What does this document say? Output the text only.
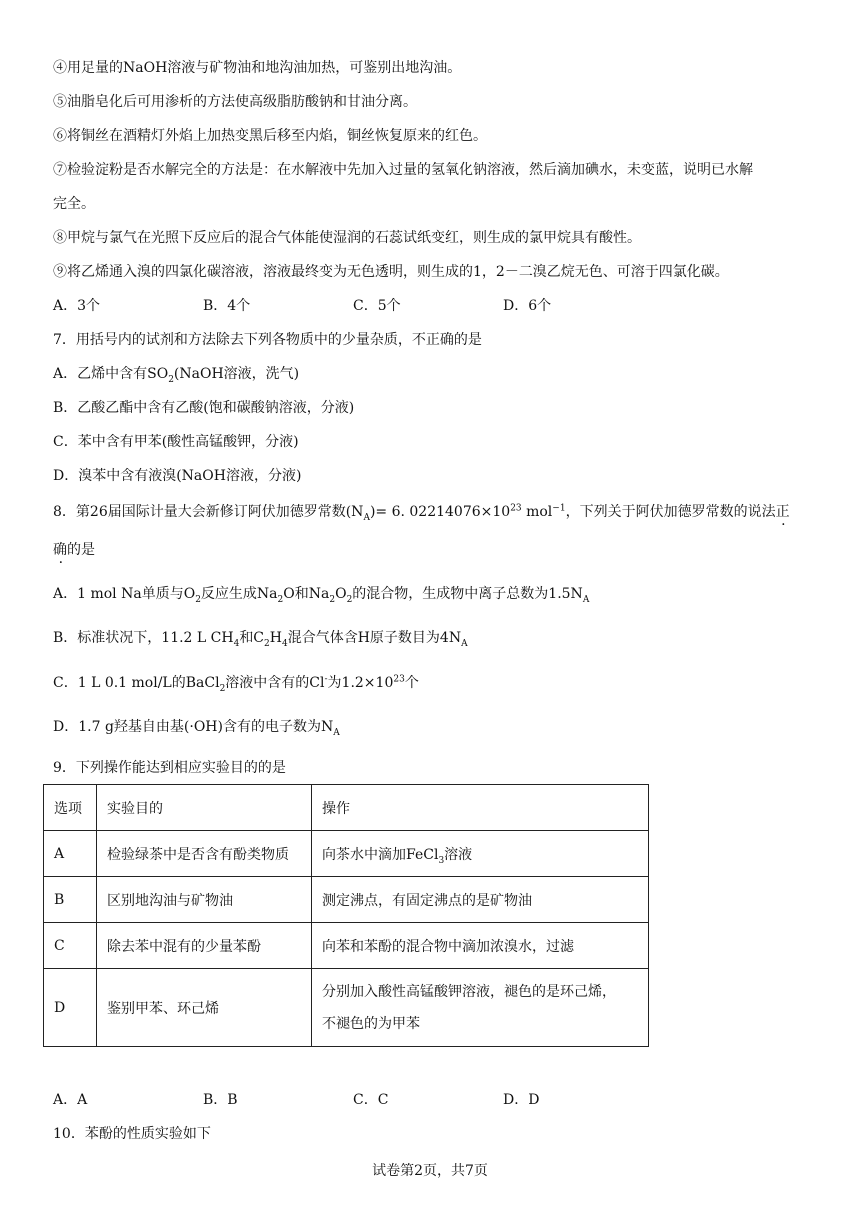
④用足量的NaOH溶液与矿物油和地沟油加热，可鉴别出地沟油。
⑤油脂皂化后可用渗析的方法使高级脂肪酸钠和甘油分离。
⑥将铜丝在酒精灯外焰上加热变黑后移至内焰，铜丝恢复原来的红色。
⑦检验淀粉是否水解完全的方法是：在水解液中先加入过量的氢氧化钠溶液，然后滴加碘水，未变蓝，说明已水解
完全。
⑧甲烷与氯气在光照下反应后的混合气体能使湿润的石蕊试纸变红，则生成的氯甲烷具有酸性。
⑨将乙烯通入溴的四氯化碳溶液，溶液最终变为无色透明，则生成的1，2－二溴乙烷无色、可溶于四氯化碳。
A．3个	B．4个	C．5个	D．6个
7．用括号内的试剂和方法除去下列各物质中的少量杂质，不正确的是
A．乙烯中含有$SO_2(NaOH$溶液，洗气)
B．乙酸乙酯中含有乙酸(饱和碳酸钠溶液，分液)
C．苯中含有甲苯(酸性高锰酸钾，分液)
D．溴苯中含有液溴(NaOH溶液，分液)
8．第26届国际计量大会新修订阿伏加德罗常数$(N_A)= 6$. $02214076\times 10^{23}$ mol$^{-1}$，下列关于阿伏加德罗常数的说法正
确的是
A．1 mol Na单质与$O_2$反应生成$Na_2O$和$Na_2O_2$的混合物，生成物中离子总数为$1.5N_A$
B．标准状况下，11.2 L $CH_4$和$C_2H_4$混合气体含H原子数目为$4N_A$
C．1 L 0.1 mol/L的BaCl$_2$溶液中含有的Cl-为$1.2\times 10^{23}$个
D．1.7 g羟基自由基(·OH)含有的电子数为$N_A$
9．下列操作能达到相应实验目的的是
选项	实验目的	操作
A	检验绿茶中是否含有酚类物质	向茶水中滴加FeCl$_3$溶液
B	区别地沟油与矿物油	测定沸点，有固定沸点的是矿物油
C	除去苯中混有的少量苯酚	向苯和苯酚的混合物中滴加浓溴水，过滤
D	鉴别甲苯、环己烯	分别加入酸性高锰酸钾溶液，褪色的是环己烯，
不褪色的为甲苯
A．A	B．B	C．C	D．D
10．苯酚的性质实验如下
试卷第2页，共7页
